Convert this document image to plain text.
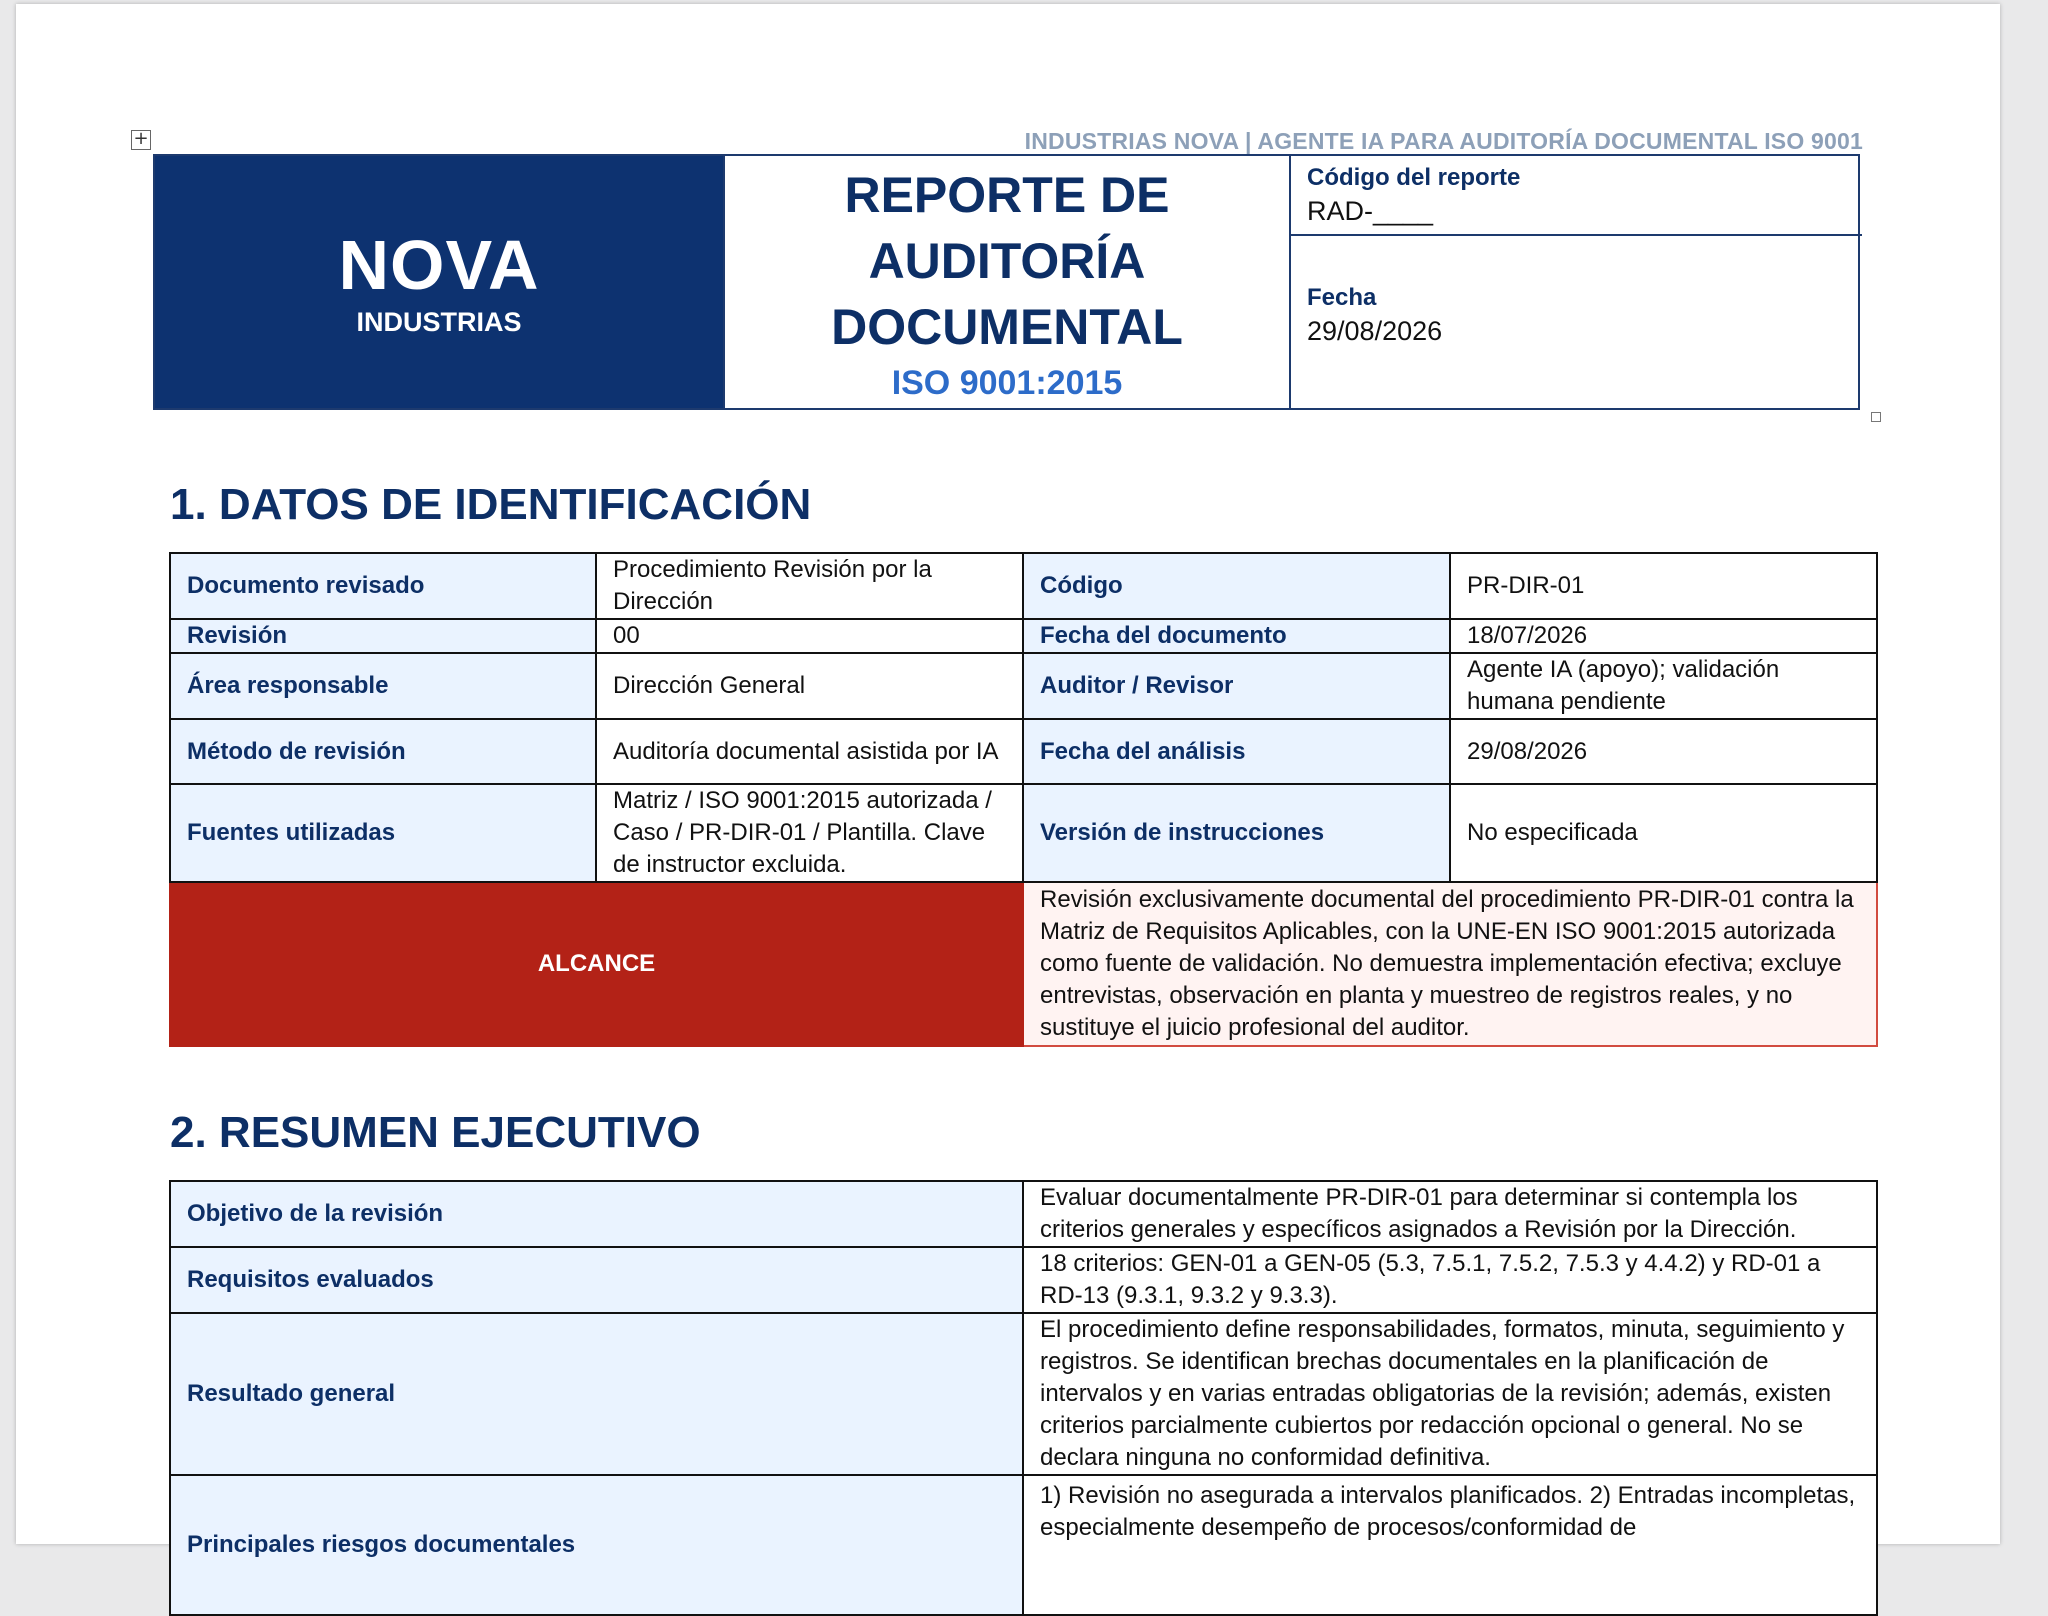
+	INDUSTRIAS NOVA | AGENTE IA PARA AUDITORÍA DOCUMENTAL ISO 9001
NOVA
INDUSTRIAS
REPORTE DE
AUDITORÍA
DOCUMENTAL
ISO 9001:2015
Código del reporte
RAD-____
Fecha
29/08/2026
1. DATOS DE IDENTIFICACIÓN
Documento revisado	Procedimiento Revisión por la Dirección	Código	PR-DIR-01
Revisión	00	Fecha del documento	18/07/2026
Área responsable	Dirección General	Auditor / Revisor	Agente IA (apoyo); validación humana pendiente
Método de revisión	Auditoría documental asistida por IA	Fecha del análisis	29/08/2026
Fuentes utilizadas	Matriz / ISO 9001:2015 autorizada / Caso / PR-DIR-01 / Plantilla. Clave de instructor excluida.	Versión de instrucciones	No especificada
ALCANCE		Revisión exclusivamente documental del procedimiento PR-DIR-01 contra la Matriz de Requisitos Aplicables, con la UNE-EN ISO 9001:2015 autorizada como fuente de validación. No demuestra implementación efectiva; excluye entrevistas, observación en planta y muestreo de registros reales, y no sustituye el juicio profesional del auditor.	
2. RESUMEN EJECUTIVO
Objetivo de la revisión	Evaluar documentalmente PR-DIR-01 para determinar si contempla los criterios generales y específicos asignados a Revisión por la Dirección.
Requisitos evaluados	18 criterios: GEN-01 a GEN-05 (5.3, 7.5.1, 7.5.2, 7.5.3 y 4.4.2) y RD-01 a RD-13 (9.3.1, 9.3.2 y 9.3.3).
Resultado general	El procedimiento define responsabilidades, formatos, minuta, seguimiento y registros. Se identifican brechas documentales en la planificación de intervalos y en varias entradas obligatorias de la revisión; además, existen criterios parcialmente cubiertos por redacción opcional o general. No se declara ninguna no conformidad definitiva.
Principales riesgos documentales	1) Revisión no asegurada a intervalos planificados. 2) Entradas incompletas, especialmente desempeño de procesos/conformidad de
